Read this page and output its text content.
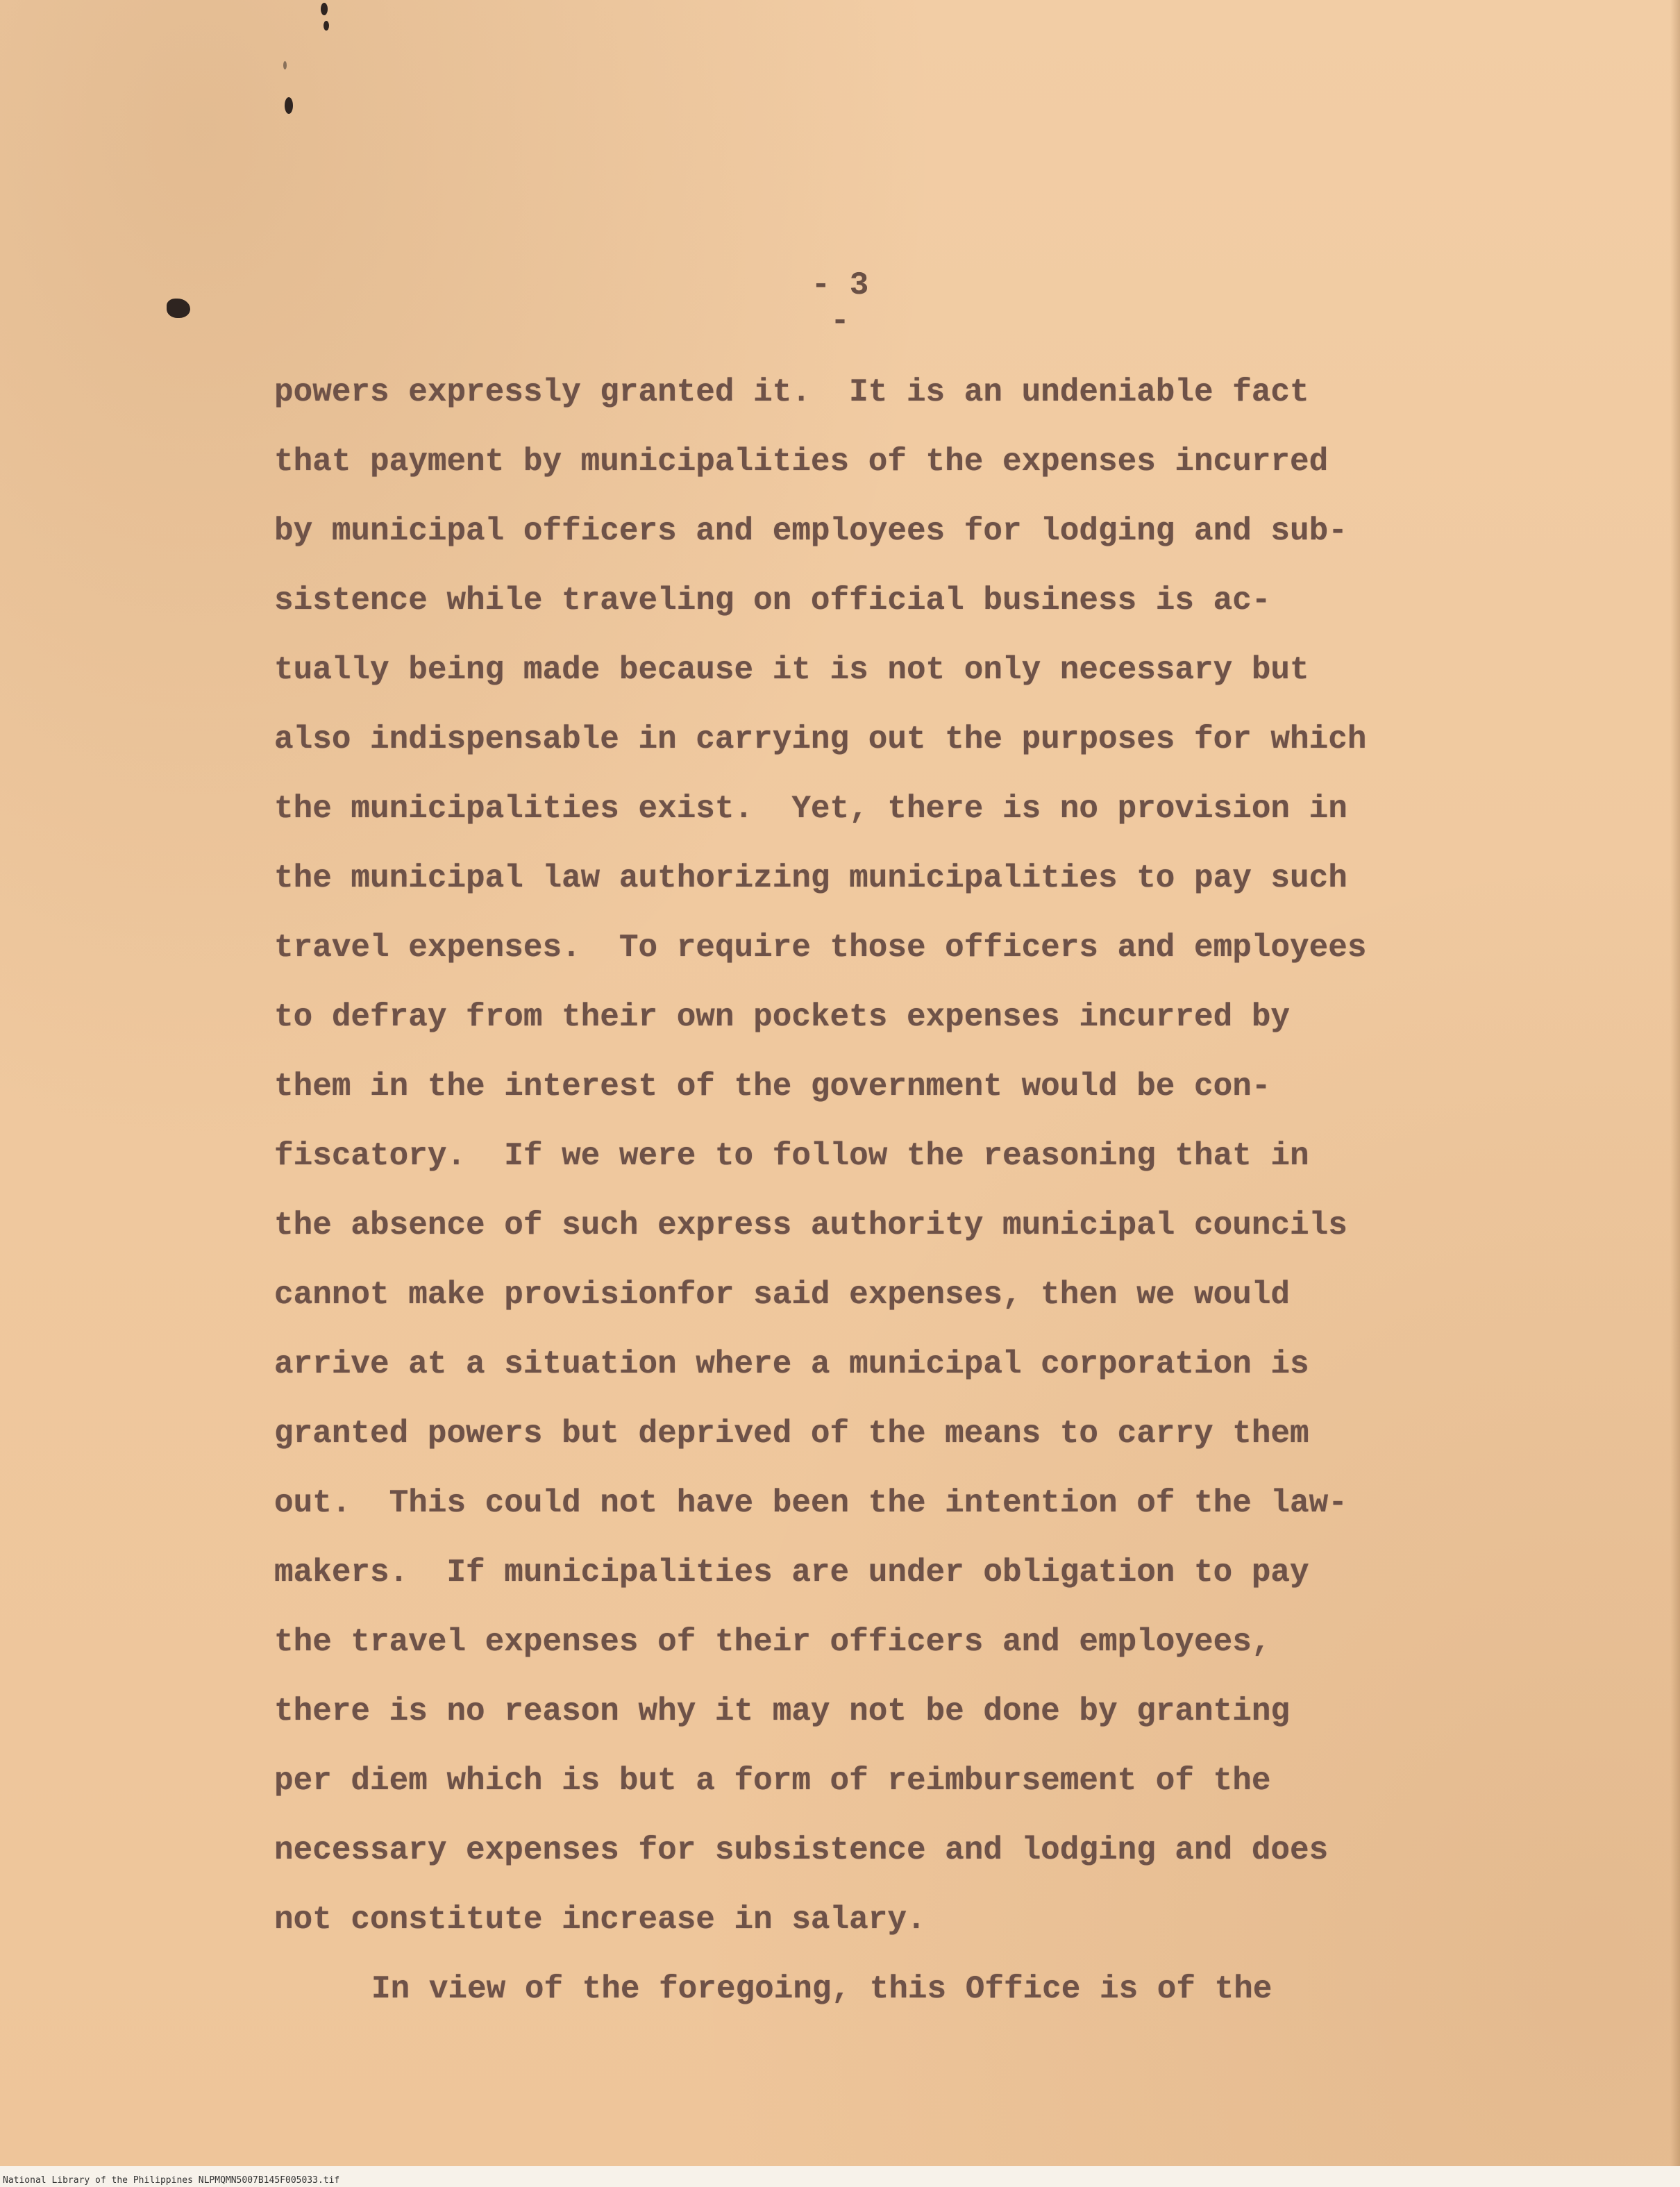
- 3 -
powers expressly granted it.  It is an undeniable fact
that payment by municipalities of the expenses incurred
by municipal officers and employees for lodging and sub-
sistence while traveling on official business is ac-
tually being made because it is not only necessary but
also indispensable in carrying out the purposes for which
the municipalities exist.  Yet, there is no provision in
the municipal law authorizing municipalities to pay such
travel expenses.  To require those officers and employees
to defray from their own pockets expenses incurred by
them in the interest of the government would be con-
fiscatory.  If we were to follow the reasoning that in
the absence of such express authority municipal councils
cannot make provisionfor said expenses, then we would
arrive at a situation where a municipal corporation is
granted powers but deprived of the means to carry them
out.  This could not have been the intention of the law-
makers.  If municipalities are under obligation to pay
the travel expenses of their officers and employees,
there is no reason why it may not be done by granting
per diem which is but a form of reimbursement of the
necessary expenses for subsistence and lodging and does
not constitute increase in salary.
In view of the foregoing, this Office is of the
National Library of the Philippines NLPMQMN5007B145F005033.tif
